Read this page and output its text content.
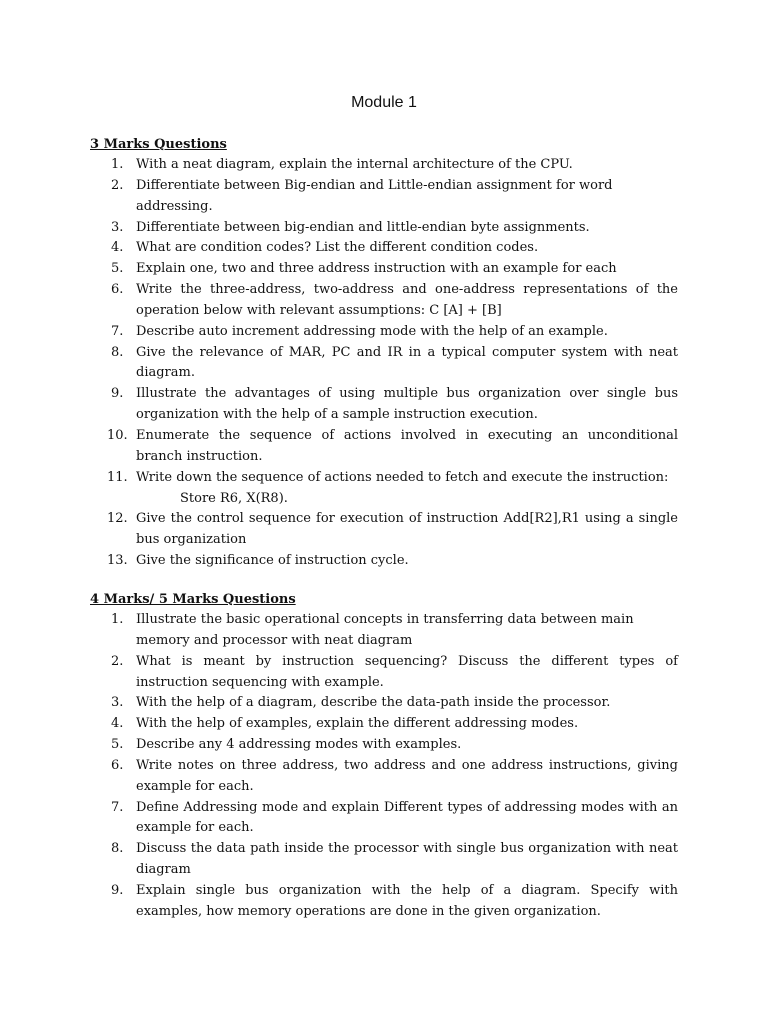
Module 1
3 Marks Questions
1. With a neat diagram, explain the internal architecture of the CPU.
2. Differentiate between Big-endian and Little-endian assignment for word addressing.
3. Differentiate between big-endian and little-endian byte assignments.
4. What are condition codes? List the different condition codes.
5. Explain one, two and three address instruction with an example for each
6. Write the three-address, two-address and one-address representations of the operation below with relevant assumptions: C [A] + [B]
7. Describe auto increment addressing mode with the help of an example.
8. Give the relevance of MAR, PC and IR in a typical computer system with neat diagram.
9. Illustrate the advantages of using multiple bus organization over single bus organization with the help of a sample instruction execution.
10. Enumerate the sequence of actions involved in executing an unconditional branch instruction.
11. Write down the sequence of actions needed to fetch and execute the instruction:
Store R6, X(R8).
12. Give the control sequence for execution of instruction Add[R2],R1 using a single bus organization
13. Give the significance of instruction cycle.
4 Marks/ 5 Marks Questions
1. Illustrate the basic operational concepts in transferring data between main memory and processor with neat diagram
2. What is meant by instruction sequencing? Discuss the different types of instruction sequencing with example.
3. With the help of a diagram, describe the data-path inside the processor.
4. With the help of examples, explain the different addressing modes.
5. Describe any 4 addressing modes with examples.
6. Write notes on three address, two address and one address instructions, giving example for each.
7. Define Addressing mode and explain Different types of addressing modes with an example for each.
8. Discuss the data path inside the processor with single bus organization with neat diagram
9. Explain single bus organization with the help of a diagram. Specify with examples, how memory operations are done in the given organization.
